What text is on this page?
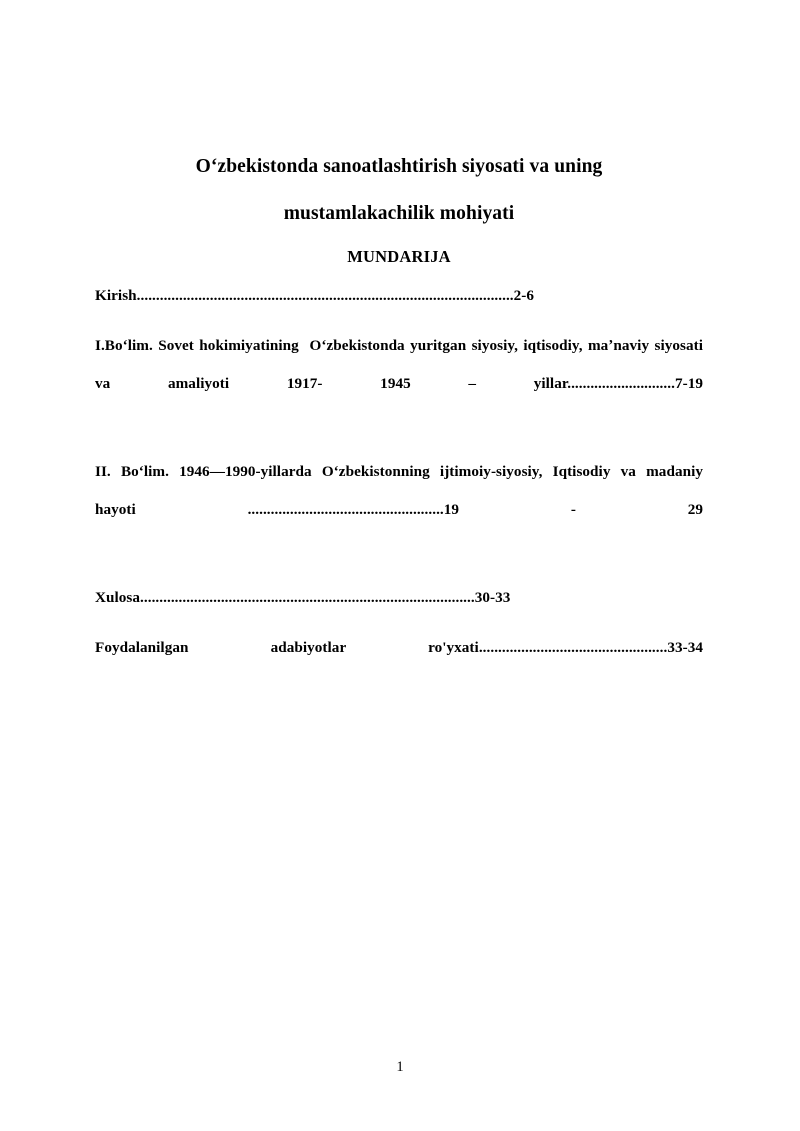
Oʻzbekistonda sanoatlashtirish siyosati va uning
mustamlakachilik mohiyati
MUNDARIJA

Kirish..................................................................................................2-6

I.Boʻlim. Sovet hokimiyatining  Oʻzbekistonda yuritgan siyosiy, iqtisodiy, maʼnaviy siyosati va amaliyoti 1917- 1945 – yillar............................7-19

II. Boʻlim. 1946—1990-yillarda Oʻzbekistonning ijtimoiy-siyosiy, Iqtisodiy va madaniy hayoti ...................................................19 - 29

Xulosa.......................................................................................30-33

Foydalanilgan adabiyotlar ro'yxati.................................................33-34

1
